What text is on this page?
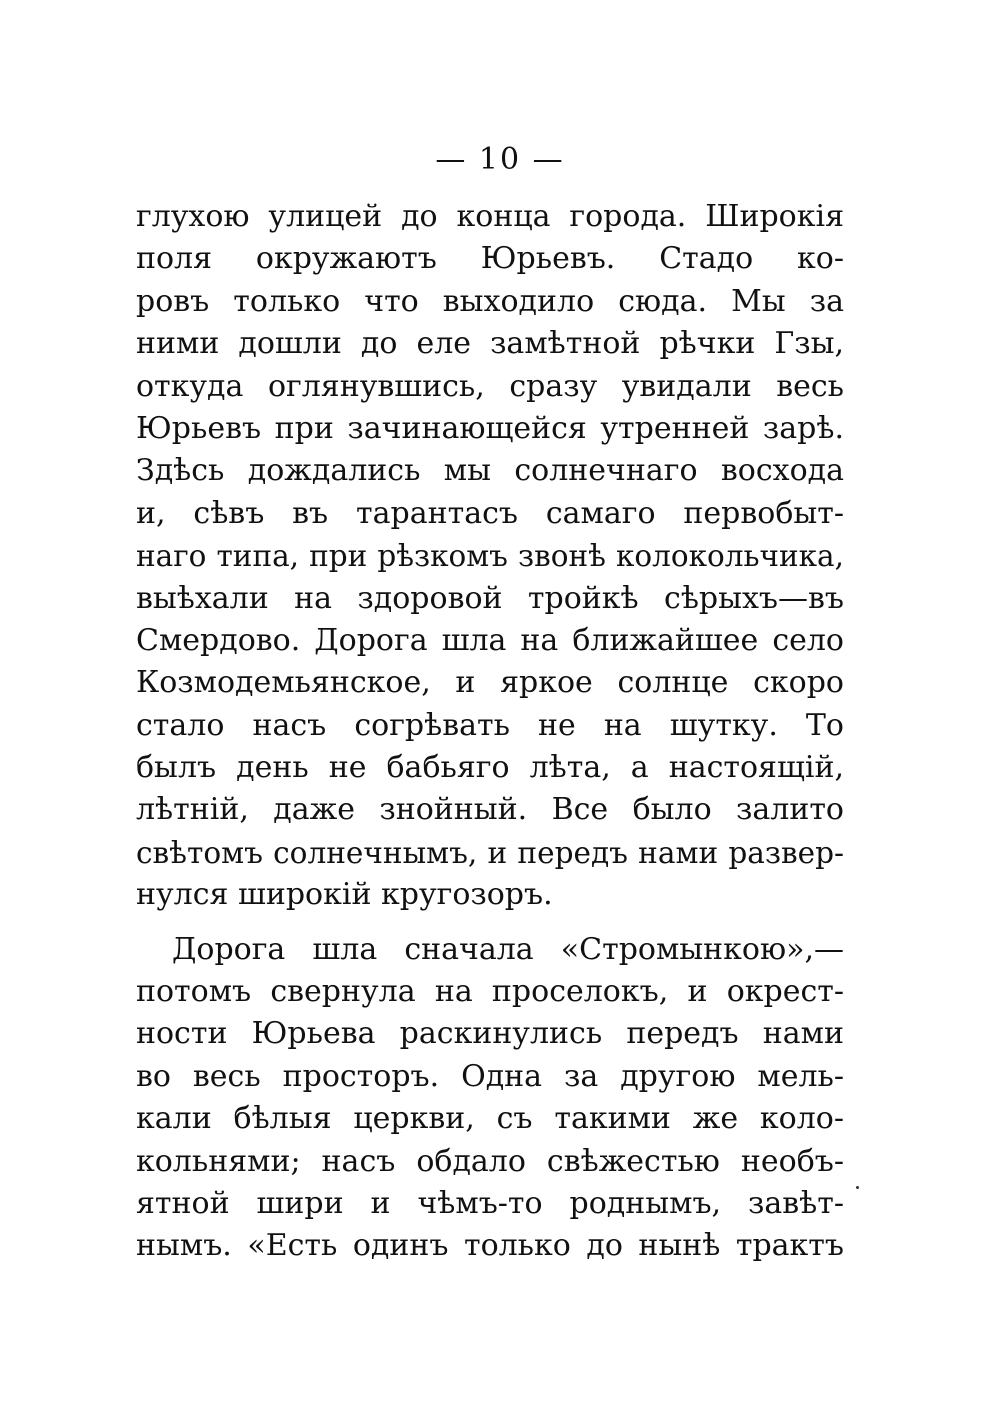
— 10 —
глухою улицей до конца города. Широкія
поля окружаютъ Юрьевъ. Стадо ко-
ровъ только что выходило сюда. Мы за
ними дошли до еле замѣтной рѣчки Гзы,
откуда оглянувшись, сразу увидали весь
Юрьевъ при зачинающейся утренней зарѣ.
Здѣсь дождались мы солнечнаго восхода
и, сѣвъ въ тарантасъ самаго первобыт-
наго типа, при рѣзкомъ звонѣ колокольчика,
выѣхали на здоровой тройкѣ сѣрыхъ—въ
Смердово. Дорога шла на ближайшее село
Козмодемьянское, и яркое солнце скоро
стало насъ согрѣвать не на шутку. То
былъ день не бабьяго лѣта, а настоящій,
лѣтній, даже знойный. Все было залито
свѣтомъ солнечнымъ, и передъ нами развер-
нулся широкій кругозоръ.
Дорога шла сначала «Стромынкою»,—
потомъ свернула на проселокъ, и окрест-
ности Юрьева раскинулись передъ нами
во весь просторъ. Одна за другою мель-
кали бѣлыя церкви, съ такими же коло-
кольнями; насъ обдало свѣжестью необъ-
ятной шири и чѣмъ-то роднымъ, завѣт-
нымъ. «Есть одинъ только до нынѣ трактъ
